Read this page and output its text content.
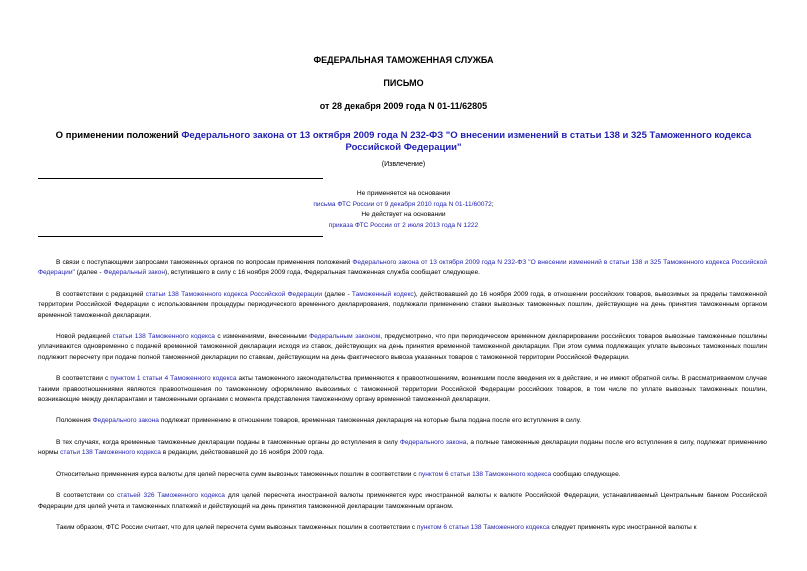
ФЕДЕРАЛЬНАЯ ТАМОЖЕННАЯ СЛУЖБА
ПИСЬМО
от 28 декабря 2009 года N 01-11/62805
О применении положений Федерального закона от 13 октября 2009 года N 232-ФЗ "О внесении изменений в статьи 138 и 325 Таможенного кодекса Российской Федерации"
(Извлечение)
Не применяется на основании
письма ФТС России от 9 декабря 2010 года N 01-11/60072;
Не действует на основании
приказа ФТС России от 2 июля 2013 года N 1222

В связи с поступающими запросами таможенных органов по вопросам применения положений Федерального закона от 13 октября 2009 года N 232-ФЗ "О внесении изменений в статьи 138 и 325 Таможенного кодекса Российской Федерации" (далее - Федеральный закон), вступившего в силу с 16 ноября 2009 года, Федеральная таможенная служба сообщает следующее.

В соответствии с редакцией статьи 138 Таможенного кодекса Российской Федерации (далее - Таможенный кодекс), действовавшей до 16 ноября 2009 года, в отношении российских товаров, вывозимых за пределы таможенной территории Российской Федерации с использованием процедуры периодического временного декларирования, подлежали применению ставки вывозных таможенных пошлин, действующие на день принятия таможенным органом временной таможенной декларации.

Новой редакцией статьи 138 Таможенного кодекса с изменениями, внесенными Федеральным законом, предусмотрено, что при периодическом временном декларировании российских товаров вывозные таможенные пошлины уплачиваются одновременно с подачей временной таможенной декларации исходя из ставок, действующих на день принятия временной таможенной декларации. При этом сумма подлежащих уплате вывозных таможенных пошлин подлежит пересчету при подаче полной таможенной декларации по ставкам, действующим на день фактического вывоза указанных товаров с таможенной территории Российской Федерации.

В соответствии с пунктом 1 статьи 4 Таможенного кодекса акты таможенного законодательства применяются к правоотношениям, возникшим после введения их в действие, и не имеют обратной силы. В рассматриваемом случае такими правоотношениями являются правоотношения по таможенному оформлению вывозимых с таможенной территории Российской Федерации российских товаров, в том числе по уплате вывозных таможенных пошлин, возникающие между декларантами и таможенными органами с момента представления таможенному органу временной таможенной декларации.

Положения Федерального закона подлежат применению в отношении товаров, временная таможенная декларация на которые была подана после его вступления в силу.

В тех случаях, когда временные таможенные декларации поданы в таможенные органы до вступления в силу Федерального закона, а полные таможенные декларации поданы после его вступления в силу, подлежат применению нормы статьи 138 Таможенного кодекса в редакции, действовавшей до 16 ноября 2009 года.

Относительно применения курса валюты для целей пересчета сумм вывозных таможенных пошлин в соответствии с пунктом 6 статьи 138 Таможенного кодекса сообщаю следующее.

В соответствии со статьей 326 Таможенного кодекса для целей пересчета иностранной валюты применяется курс иностранной валюты к валюте Российской Федерации, устанавливаемый Центральным банком Российской Федерации для целей учета и таможенных платежей и действующий на день принятия таможенной декларации таможенным органом.

Таким образом, ФТС России считает, что для целей пересчета сумм вывозных таможенных пошлин в соответствии с пунктом 6 статьи 138 Таможенного кодекса следует применять курс иностранной валюты к
